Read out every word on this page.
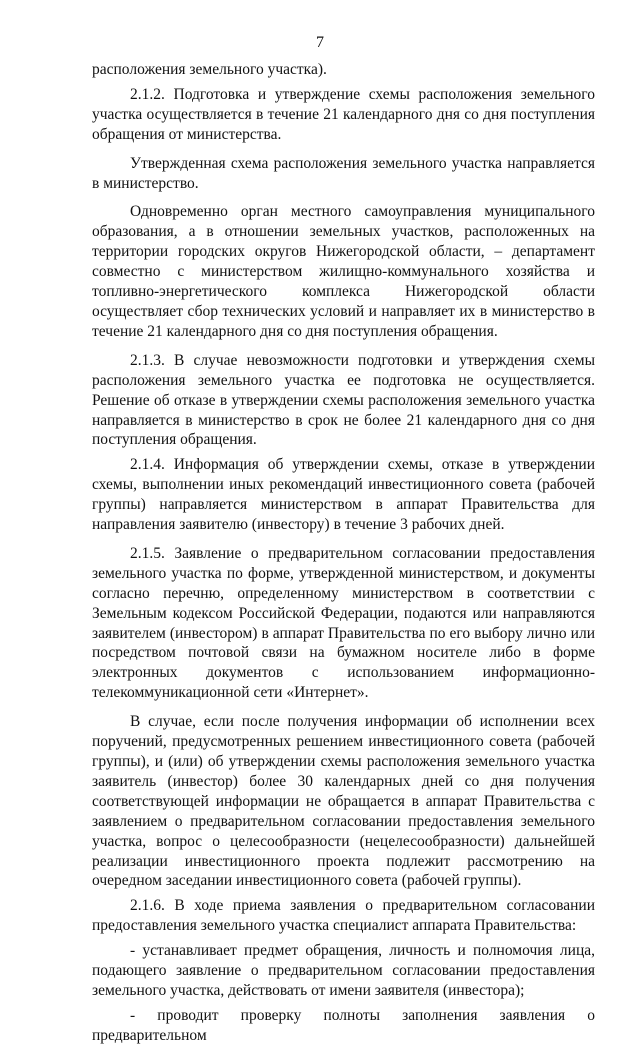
7

расположения земельного участка).

2.1.2. Подготовка и утверждение схемы расположения земельного участка осуществляется в течение 21 календарного дня со дня поступления обращения от министерства.

Утвержденная схема расположения земельного участка направляется в министерство.

Одновременно орган местного самоуправления муниципального образования, а в отношении земельных участков, расположенных на территории городских округов Нижегородской области, – департамент совместно с министерством жилищно-коммунального хозяйства и топливно-энергетического комплекса Нижегородской области осуществляет сбор технических условий и направляет их в министерство в течение 21 календарного дня со дня поступления обращения.

2.1.3. В случае невозможности подготовки и утверждения схемы расположения земельного участка ее подготовка не осуществляется. Решение об отказе в утверждении схемы расположения земельного участка направляется в министерство в срок не более 21 календарного дня со дня поступления обращения.

2.1.4. Информация об утверждении схемы, отказе в утверждении схемы, выполнении иных рекомендаций инвестиционного совета (рабочей группы) направляется министерством в аппарат Правительства для направления заявителю (инвестору) в течение 3 рабочих дней.

2.1.5. Заявление о предварительном согласовании предоставления земельного участка по форме, утвержденной министерством, и документы согласно перечню, определенному министерством в соответствии с Земельным кодексом Российской Федерации, подаются или направляются заявителем (инвестором) в аппарат Правительства по его выбору лично или посредством почтовой связи на бумажном носителе либо в форме электронных документов с использованием информационно-телекоммуникационной сети «Интернет».

В случае, если после получения информации об исполнении всех поручений, предусмотренных решением инвестиционного совета (рабочей группы), и (или) об утверждении схемы расположения земельного участка заявитель (инвестор) более 30 календарных дней со дня получения соответствующей информации не обращается в аппарат Правительства с заявлением о предварительном согласовании предоставления земельного участка, вопрос о целесообразности (нецелесообразности) дальнейшей реализации инвестиционного проекта подлежит рассмотрению на очередном заседании инвестиционного совета (рабочей группы).

2.1.6. В ходе приема заявления о предварительном согласовании предоставления земельного участка специалист аппарата Правительства:

- устанавливает предмет обращения, личность и полномочия лица, подающего заявление о предварительном согласовании предоставления земельного участка, действовать от имени заявителя (инвестора);

- проводит проверку полноты заполнения заявления о предварительном
